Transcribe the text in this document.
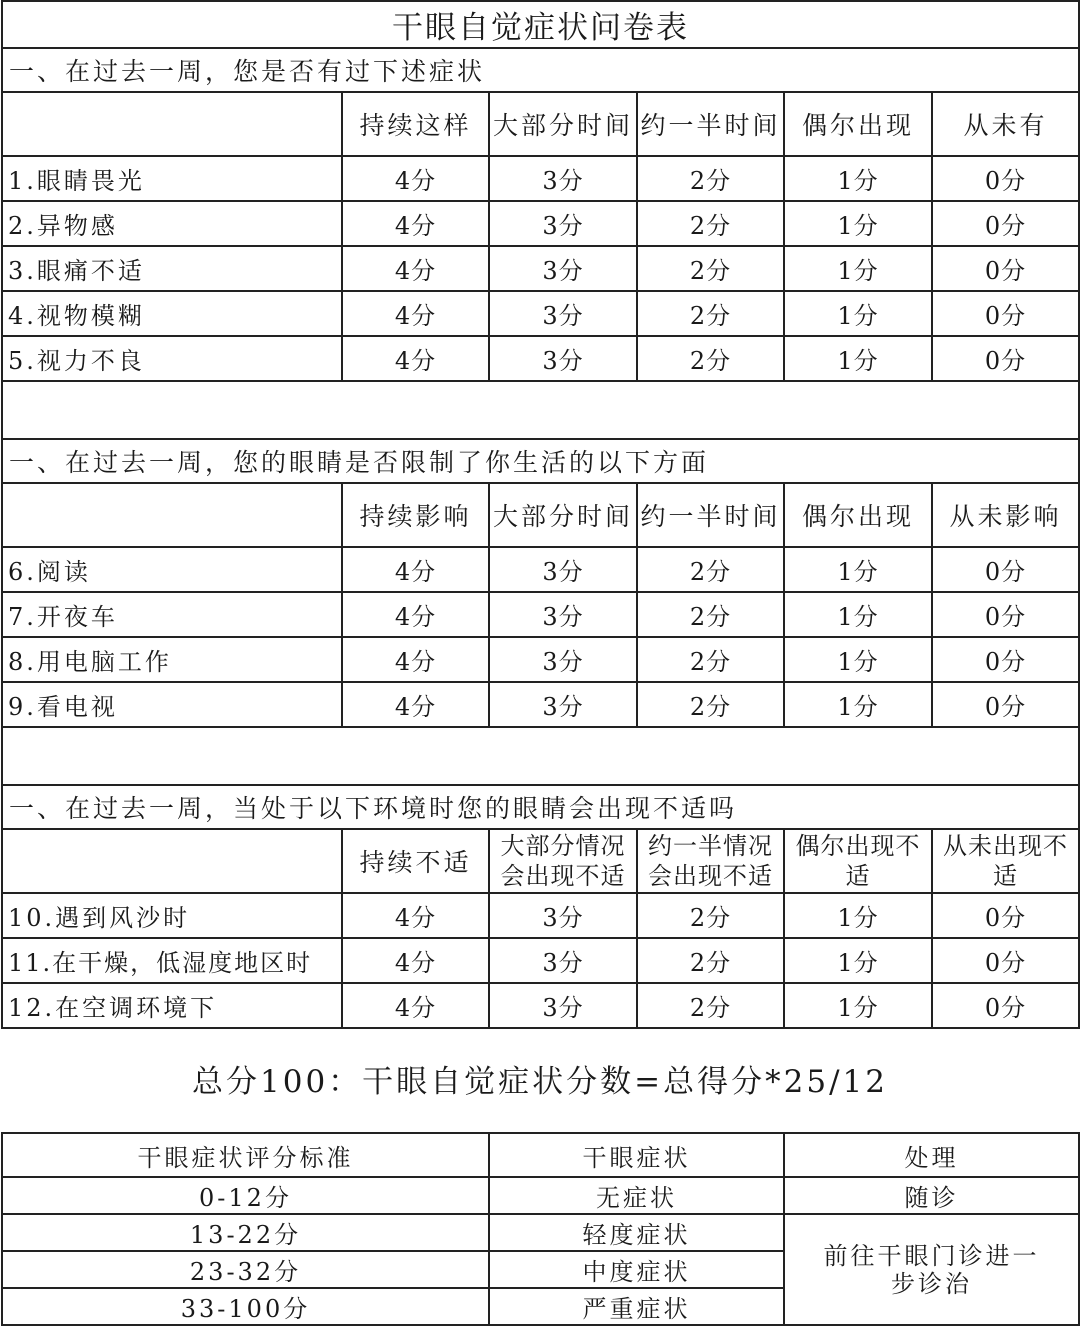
干眼自觉症状问卷表					
一、在过去一周，您是否有过下述症状					
	持续这样	大部分时间	约一半时间	偶尔出现	从未有
1.眼睛畏光	4分	3分	2分	1分	0分
2.异物感	4分	3分	2分	1分	0分
3.眼痛不适	4分	3分	2分	1分	0分
4.视物模糊	4分	3分	2分	1分	0分
5.视力不良	4分	3分	2分	1分	0分

一、在过去一周，您的眼睛是否限制了你生活的以下方面					
	持续影响	大部分时间	约一半时间	偶尔出现	从未影响
6.阅读	4分	3分	2分	1分	0分
7.开夜车	4分	3分	2分	1分	0分
8.用电脑工作	4分	3分	2分	1分	0分
9.看电视	4分	3分	2分	1分	0分

一、在过去一周，当处于以下环境时您的眼睛会出现不适吗					
	持续不适	大部分情况会出现不适	约一半情况会出现不适	偶尔出现不适	从未出现不适
10.遇到风沙时	4分	3分	2分	1分	0分
11.在干燥，低湿度地区时	4分	3分	2分	1分	0分
12.在空调环境下	4分	3分	2分	1分	0分
总分100：干眼自觉症状分数=总得分*25/12
干眼症状评分标准	干眼症状	处理
0-12分	无症状	随诊
13-22分	轻度症状	前往干眼门诊进一步诊治
23-32分	中度症状	
33-100分	严重症状	
